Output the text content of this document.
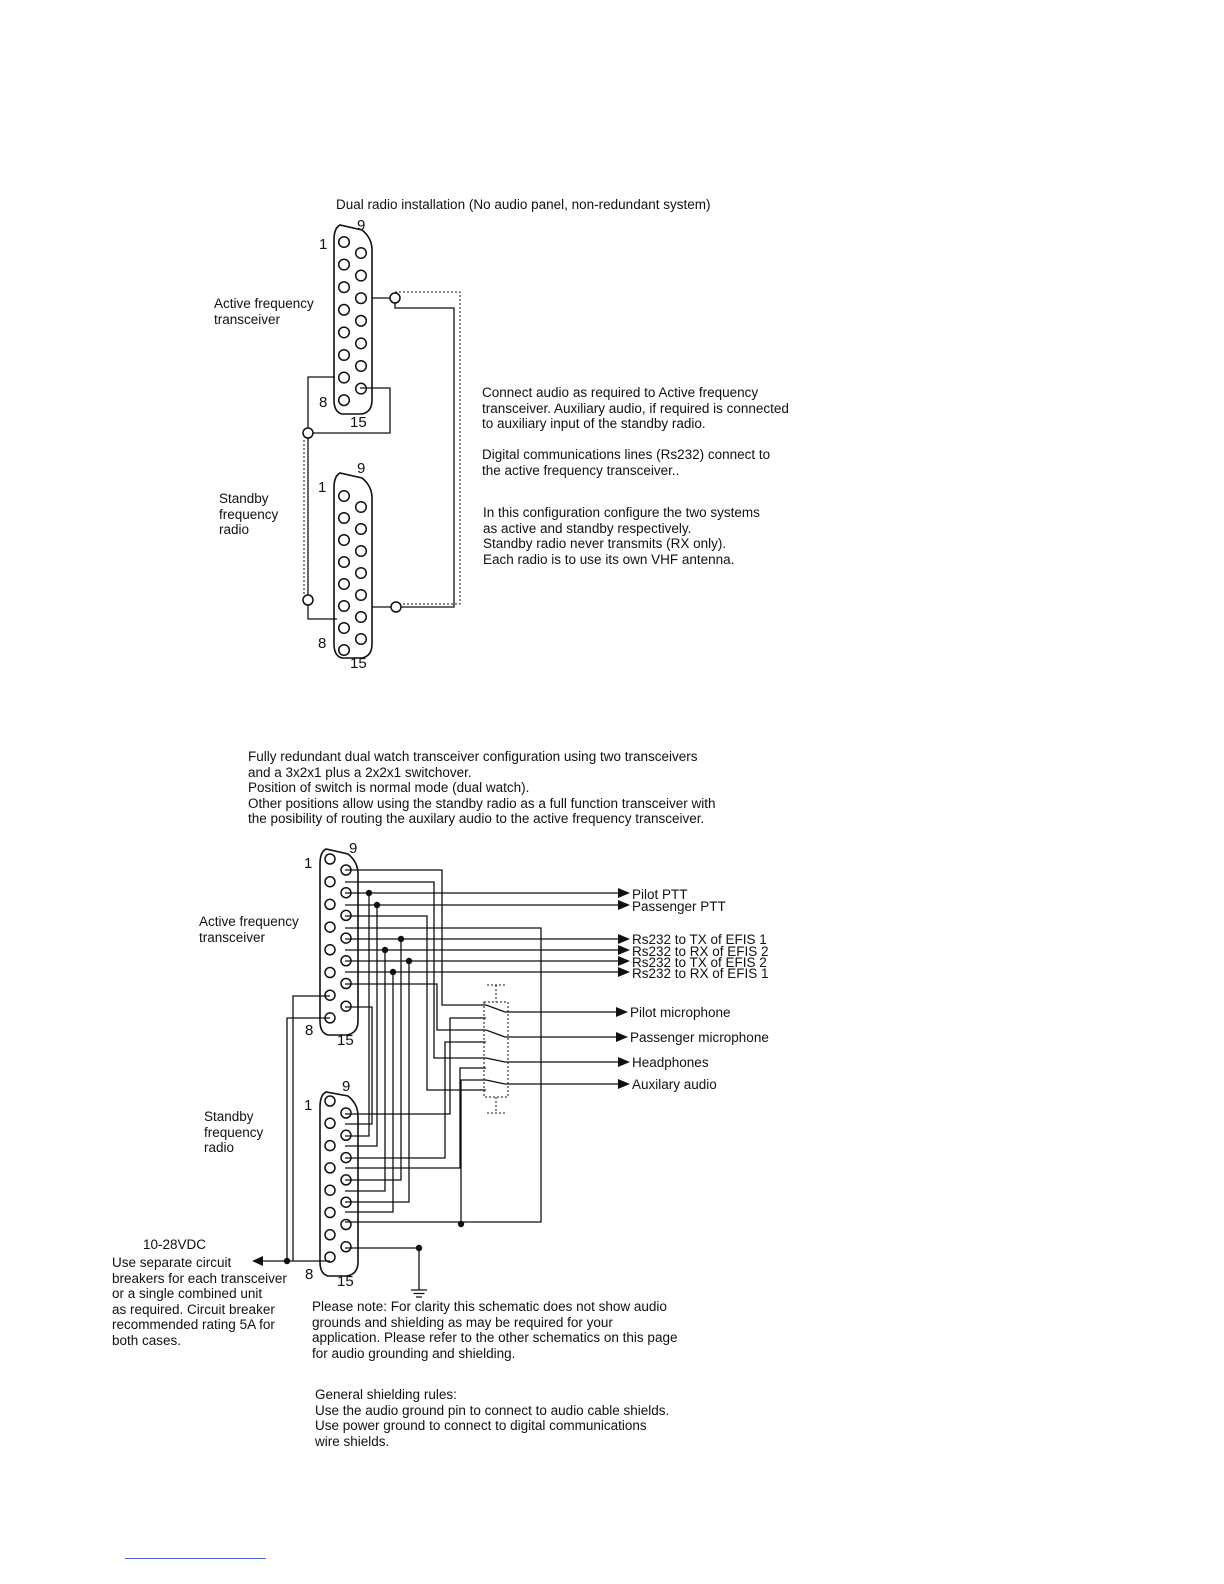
Dual radio installation (No audio panel, non-redundant system)
Active frequency
transceiver
Standby
frequency
radio
Connect audio as required to Active frequency
transceiver. Auxiliary audio, if required is connected
to auxiliary input of the standby radio.
Digital communications lines (Rs232) connect to
the active frequency transceiver..
In this configuration configure the two systems
as active and standby respectively.
Standby radio never transmits (RX only).
Each radio is to use its own VHF antenna.
Fully redundant dual watch transceiver configuration using two transceivers
and a 3x2x1 plus a 2x2x1 switchover.
Position of switch is normal mode (dual watch).
Other positions allow using the standby radio as a full function transceiver with
the posibility of routing the auxilary audio to the active frequency transceiver.
Active frequency
transceiver
Standby
frequency
radio
10-28VDC
Use separate circuit
breakers for each transceiver
or a single combined unit
as required. Circuit breaker
recommended rating 5A for
both cases.
Please note: For clarity this schematic does not show audio
grounds and shielding as may be required for your
application. Please refer to the other schematics on this page
for audio grounding and shielding.
General shielding rules:
Use the audio ground pin to connect to audio cable shields.
Use power ground to connect to digital communications
wire shields.
1
9
8
15
1
9
8
15
1
9
8
15
1
9
8 15
Pilot PTT
Passenger PTT
Rs232 to TX of EFIS 1
Rs232 to RX of EFIS 2
Rs232 to TX of EFIS 2
Rs232 to RX of EFIS 1
Pilot microphone
Passenger microphone
Headphones
Auxilary audio
